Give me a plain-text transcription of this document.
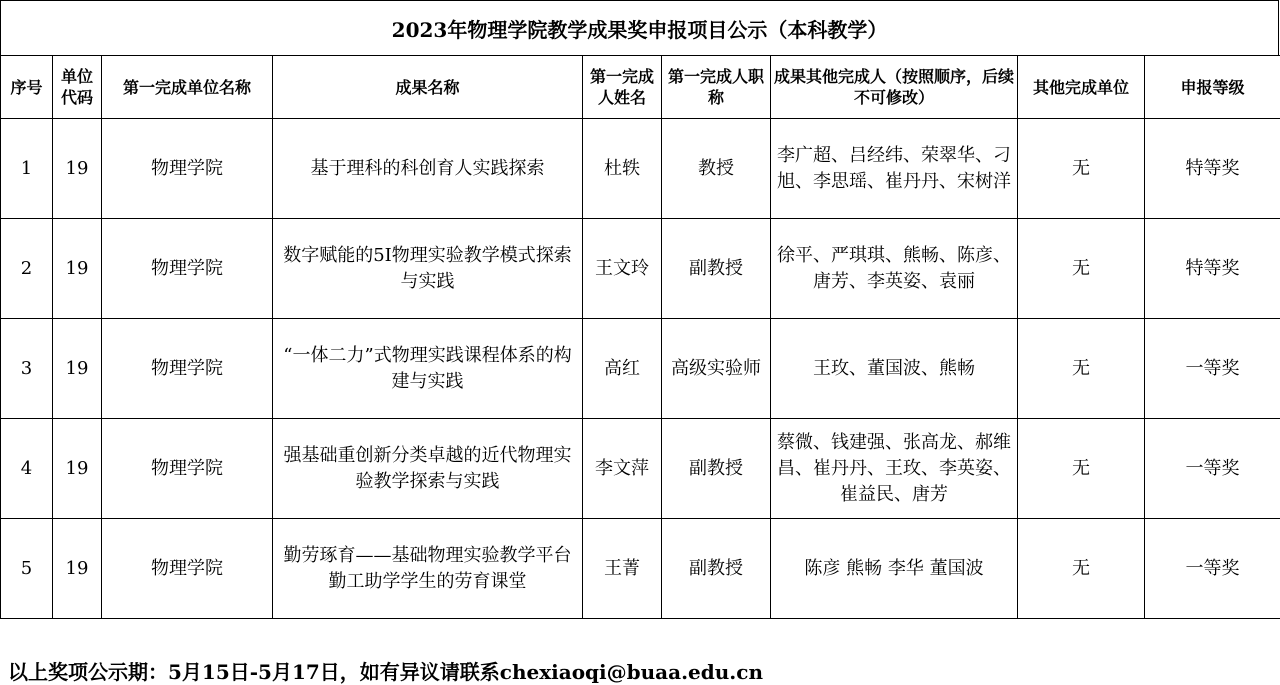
2023年物理学院教学成果奖申报项目公示（本科教学）
序号	单位代码	第一完成单位名称	成果名称	第一完成人姓名	第一完成人职称	成果其他完成人（按照顺序，后续不可修改）	其他完成单位	申报等级
1	19	物理学院	基于理科的科创育人实践探索	杜轶	教授	李广超、吕经纬、荣翠华、刁旭、李思瑶、崔丹丹、宋树洋	无	特等奖
2	19	物理学院	数字赋能的5I物理实验教学模式探索与实践	王文玲	副教授	徐平、严琪琪、熊畅、陈彦、唐芳、李英姿、袁丽	无	特等奖
3	19	物理学院	“一体二力”式物理实践课程体系的构建与实践	高红	高级实验师	王玫、董国波、熊畅	无	一等奖
4	19	物理学院	强基础重创新分类卓越的近代物理实验教学探索与实践	李文萍	副教授	蔡微、钱建强、张高龙、郝维昌、崔丹丹、王玫、李英姿、崔益民、唐芳	无	一等奖
5	19	物理学院	勤劳琢育——基础物理实验教学平台勤工助学学生的劳育课堂	王菁	副教授	陈彦 熊畅 李华 董国波	无	一等奖
以上奖项公示期：5月15日-5月17日，如有异议请联系chexiaoqi@buaa.edu.cn
